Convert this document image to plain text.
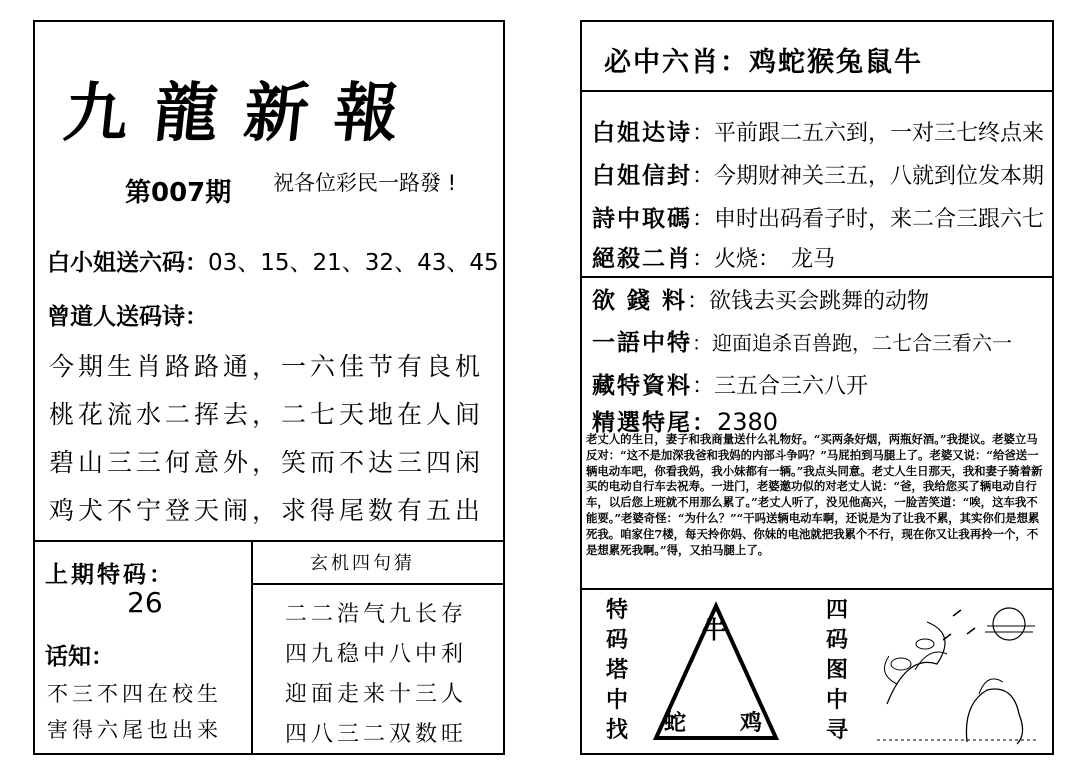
九龍新報
第007期 祝各位彩民一路發 !
白小姐送六码：03、15、21、32、43、45
曾道人送码诗：
今期生肖路路通，一六佳节有良机
桃花流水二挥去，二七天地在人间
碧山三三何意外，笑而不达三四闲
鸡犬不宁登天闹，求得尾数有五出
上期特码：
26
话知：
不三不四在校生
害得六尾也出来
玄机四句猜
二二浩气九长存
四九稳中八中利
迎面走来十三人
四八三二双数旺
必中六肖：鸡蛇猴兔鼠牛
白姐达诗：平前跟二五六到，一对三七终点来
白姐信封：今期财神关三五，八就到位发本期
詩中取碼：申时出码看子时，来二合三跟六七
絕殺二肖：火烧：　龙马
欲 錢 料：欲钱去买会跳舞的动物
一語中特：迎面追杀百兽跑，二七合三看六一
藏特資料：三五合三六八开
精選特尾：2380
老丈人的生日，妻子和我商量送什么礼物好。“买两条好烟，两瓶好酒。”我提议。老婆立马反对：“这不是加深我爸和我妈的内部斗争吗？”马屁拍到马腿上了。老婆又说：“给爸送一辆电动车吧，你看我妈，我小妹都有一辆。”我点头同意。老丈人生日那天，我和妻子骑着新买的电动自行车去祝寿。一进门，老婆邀功似的对老丈人说：“爸，我给您买了辆电动自行车，以后您上班就不用那么累了。”老丈人听了，没见他高兴，一脸苦笑道：“唉，这车我不能要。”老婆奇怪：“为什么？”“干吗送辆电动车啊，还说是为了让我不累，其实你们是想累死我。咱家住7楼，每天拎你妈、你妹的电池就把我累个不行，现在你又让我再拎一个，不是想累死我啊。”得，又拍马腿上了。
特
码
塔
中
找
牛
蛇 鸡
四
码
图
中
寻
